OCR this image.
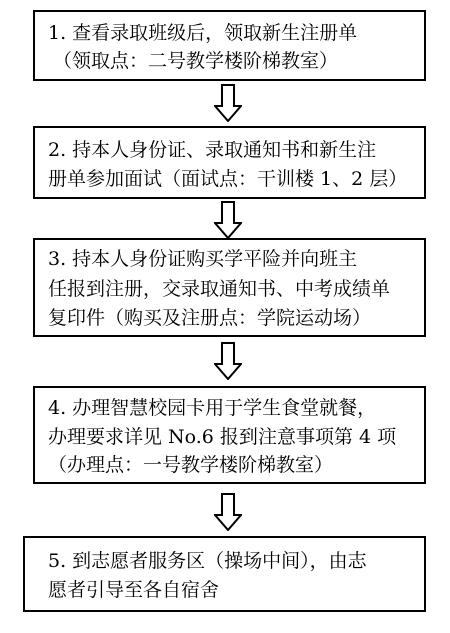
1. 查看录取班级后，领取新生注册单
（领取点：二号教学楼阶梯教室）
2. 持本人身份证、录取通知书和新生注
册单参加面试（面试点：干训楼 1、2 层）
3. 持本人身份证购买学平险并向班主
任报到注册，交录取通知书、中考成绩单
复印件（购买及注册点：学院运动场）
4. 办理智慧校园卡用于学生食堂就餐，
办理要求详见 No.6 报到注意事项第 4 项
（办理点：一号教学楼阶梯教室）
5. 到志愿者服务区（操场中间），由志
愿者引导至各自宿舍
